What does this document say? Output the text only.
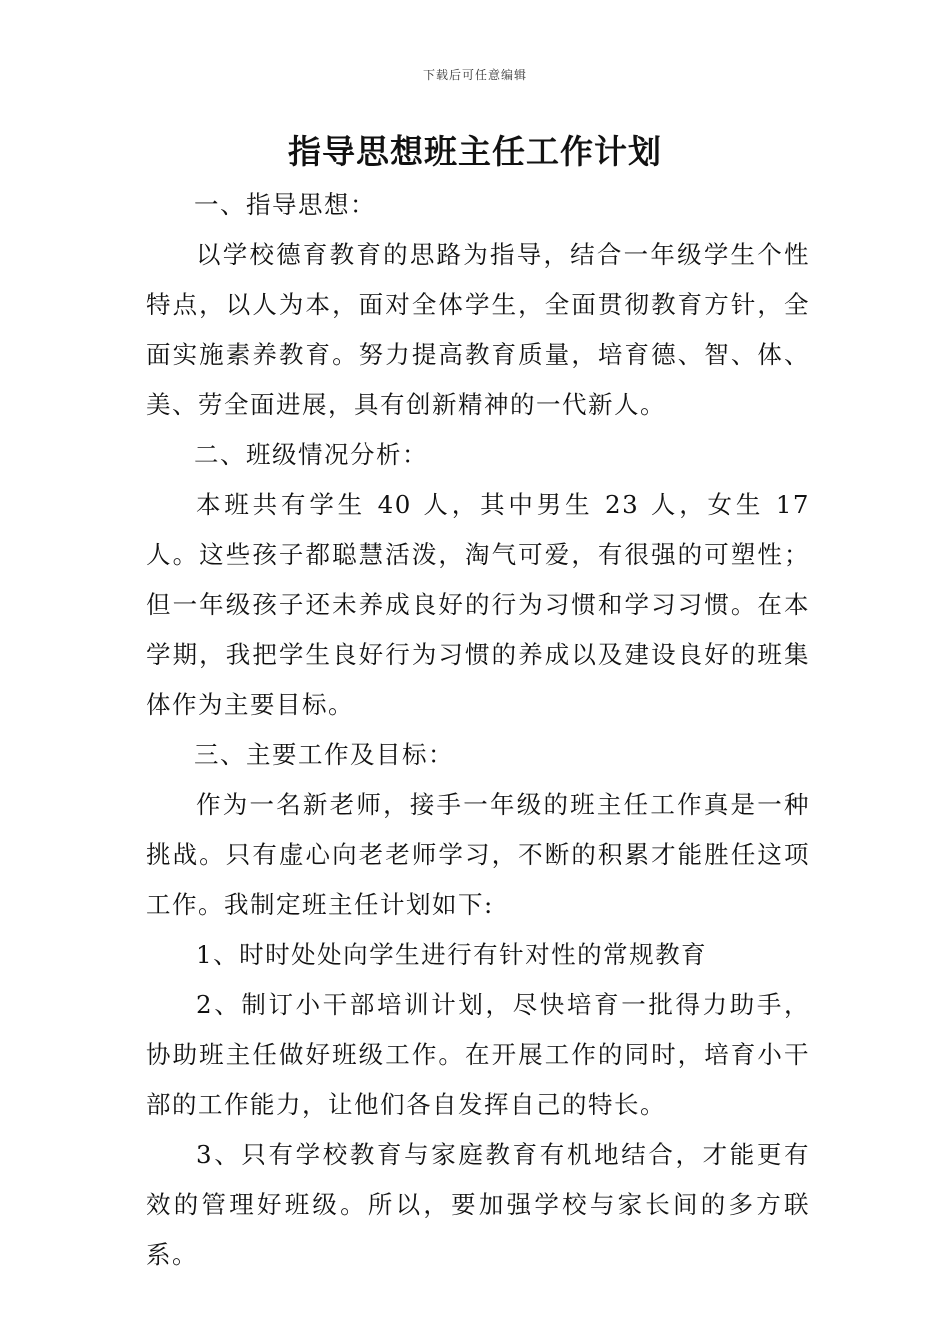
下载后可任意编辑
指导思想班主任工作计划

一、指导思想：

以学校德育教育的思路为指导，结合一年级学生个性特点，以人为本，面对全体学生，全面贯彻教育方针，全面实施素养教育。努力提高教育质量，培育德、智、体、美、劳全面进展，具有创新精神的一代新人。

二、班级情况分析：

本班共有学生 40 人，其中男生 23 人，女生 17 人。这些孩子都聪慧活泼，淘气可爱，有很强的可塑性；但一年级孩子还未养成良好的行为习惯和学习习惯。在本学期，我把学生良好行为习惯的养成以及建设良好的班集体作为主要目标。

三、主要工作及目标：

作为一名新老师，接手一年级的班主任工作真是一种挑战。只有虚心向老老师学习，不断的积累才能胜任这项工作。我制定班主任计划如下:

1、时时处处向学生进行有针对性的常规教育

2、制订小干部培训计划，尽快培育一批得力助手，协助班主任做好班级工作。在开展工作的同时，培育小干部的工作能力，让他们各自发挥自己的特长。

3、只有学校教育与家庭教育有机地结合，才能更有效的管理好班级。所以，要加强学校与家长间的多方联系。
